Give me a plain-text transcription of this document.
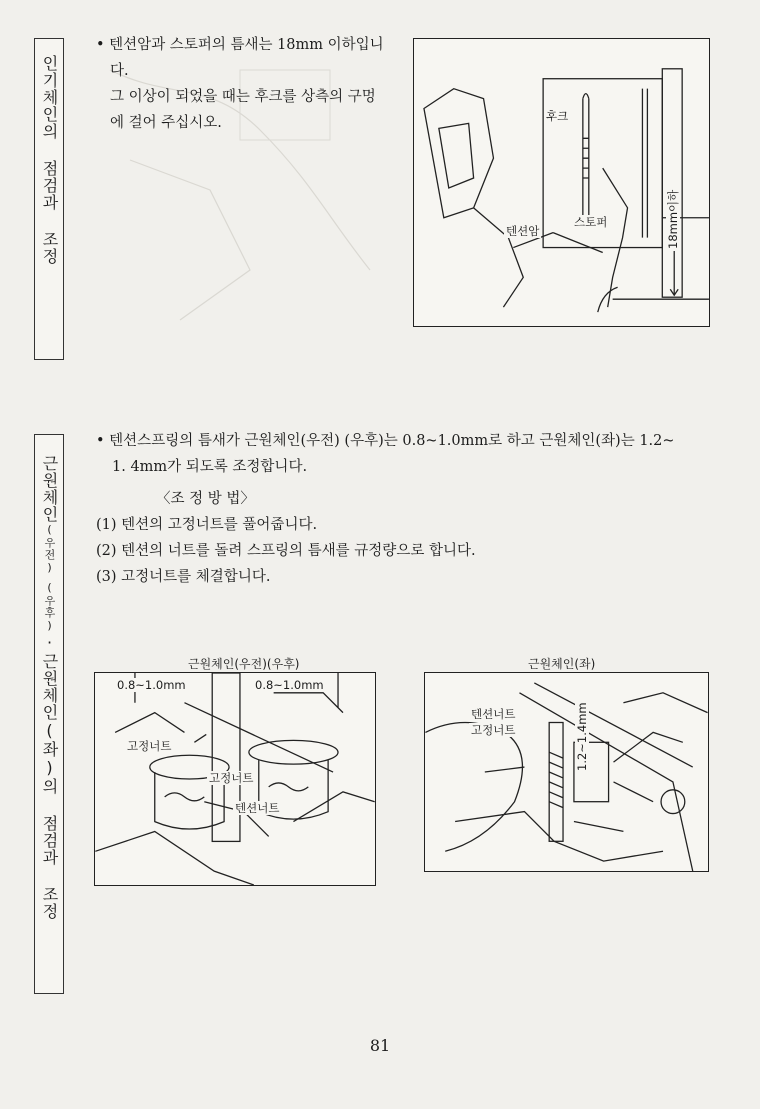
인기체인의 점검과 조정
• 텐션암과 스토퍼의 틈새는 18mm 이하입니
다.
그 이상이 되었을 때는 후크를 상측의 구멍
에 걸어 주십시오.	후크
스토퍼
텐션암	18mm이하
근원체인
(우전)
(우후)
·근원체인(좌)의 점검과 조정
• 텐션스프링의 틈새가 근원체인(우전) (우후)는 0.8~1.0mm로 하고 근원체인(좌)는 1.2~
1. 4mm가 되도록 조정합니다.
〈조 정 방 법〉
(1) 텐션의 고정너트를 풀어줍니다.
(2) 텐션의 너트를 돌려 스프링의 틈새를 규정량으로 합니다.
(3) 고정너트를 체결합니다.
근원체인(우전)(우후)
0.8~1.0mm	0.8~1.0mm
고정너트
고정너트
텐션너트
근원체인(좌)
텐션너트
고정너트	1.2~1.4mm
81
